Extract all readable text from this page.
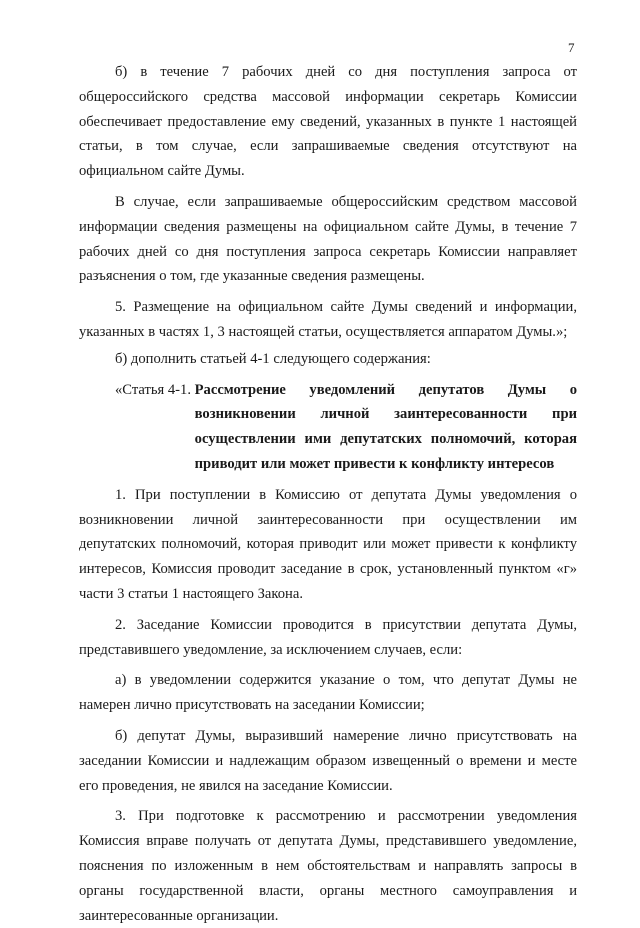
7

б) в течение 7 рабочих дней со дня поступления запроса от общероссийского средства массовой информации секретарь Комиссии обеспечивает предоставление ему сведений, указанных в пункте 1 настоящей статьи, в том случае, если запрашиваемые сведения отсутствуют на официальном сайте Думы.

В случае, если запрашиваемые общероссийским средством массовой информации сведения размещены на официальном сайте Думы, в течение 7 рабочих дней со дня поступления запроса секретарь Комиссии направляет разъяснения о том, где указанные сведения размещены.

5. Размещение на официальном сайте Думы сведений и информации, указанных в частях 1, 3 настоящей статьи, осуществляется аппаратом Думы.»;

б) дополнить статьей 4-1 следующего содержания:

«Статья 4-1. Рассмотрение уведомлений депутатов Думы о возникновении личной заинтересованности при осуществлении ими депутатских полномочий, которая приводит или может привести к конфликту интересов

1. При поступлении в Комиссию от депутата Думы уведомления о возникновении личной заинтересованности при осуществлении им депутатских полномочий, которая приводит или может привести к конфликту интересов, Комиссия проводит заседание в срок, установленный пунктом «г» части 3 статьи 1 настоящего Закона.

2. Заседание Комиссии проводится в присутствии депутата Думы, представившего уведомление, за исключением случаев, если:

а) в уведомлении содержится указание о том, что депутат Думы не намерен лично присутствовать на заседании Комиссии;

б) депутат Думы, выразивший намерение лично присутствовать на заседании Комиссии и надлежащим образом извещенный о времени и месте его проведения, не явился на заседание Комиссии.

3. При подготовке к рассмотрению и рассмотрении уведомления Комиссия вправе получать от депутата Думы, представившего уведомление, пояснения по изложенным в нем обстоятельствам и направлять запросы в органы государственной власти, органы местного самоуправления и заинтересованные организации.
